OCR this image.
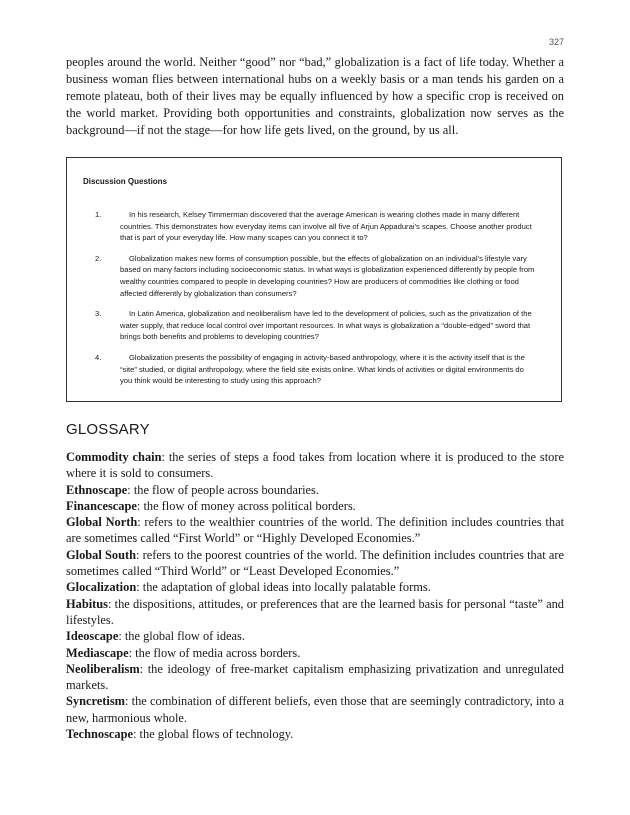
327

peoples around the world. Neither “good” nor “bad,” globalization is a fact of life today. Whether a business woman flies between international hubs on a weekly basis or a man tends his garden on a remote plateau, both of their lives may be equally influenced by how a specific crop is received on the world market. Providing both opportunities and constraints, globalization now serves as the background—if not the stage—for how life gets lived, on the ground, by us all.

Discussion Questions
1.	In his research, Kelsey Timmerman discovered that the average American is wearing clothes made in many different countries. This demonstrates how everyday items can involve all five of Arjun Appadurai’s scapes. Choose another product that is part of your everyday life. How many scapes can you connect it to?
2.	Globalization makes new forms of consumption possible, but the effects of globalization on an individual’s lifestyle vary based on many factors including socioeconomic status. In what ways is globalization experienced differently by people from wealthy countries compared to people in developing countries? How are producers of commodities like clothing or food affected differently by globalization than consumers?
3.	In Latin America, globalization and neoliberalism have led to the development of policies, such as the privatization of the water supply, that reduce local control over important resources. In what ways is globalization a “double-edged” sword that brings both benefits and problems to developing countries?
4.	Globalization presents the possibility of engaging in activity-based anthropology, where it is the activity itself that is the “site” studied, or digital anthropology, where the field site exists online. What kinds of activities or digital environments do you think would be interesting to study using this approach?
GLOSSARY
Commodity chain: the series of steps a food takes from location where it is produced to the store where it is sold to consumers.
Ethnoscape: the flow of people across boundaries.
Financescape: the flow of money across political borders.
Global North: refers to the wealthier countries of the world. The definition includes countries that are sometimes called “First World” or “Highly Developed Economies.”
Global South: refers to the poorest countries of the world. The definition includes countries that are sometimes called “Third World” or “Least Developed Economies.”
Glocalization: the adaptation of global ideas into locally palatable forms.
Habitus: the dispositions, attitudes, or preferences that are the learned basis for personal “taste” and lifestyles.
Ideoscape: the global flow of ideas.
Mediascape: the flow of media across borders.
Neoliberalism: the ideology of free-market capitalism emphasizing privatization and unregulated markets.
Syncretism: the combination of different beliefs, even those that are seemingly contradictory, into a new, harmonious whole.
Technoscape: the global flows of technology.
